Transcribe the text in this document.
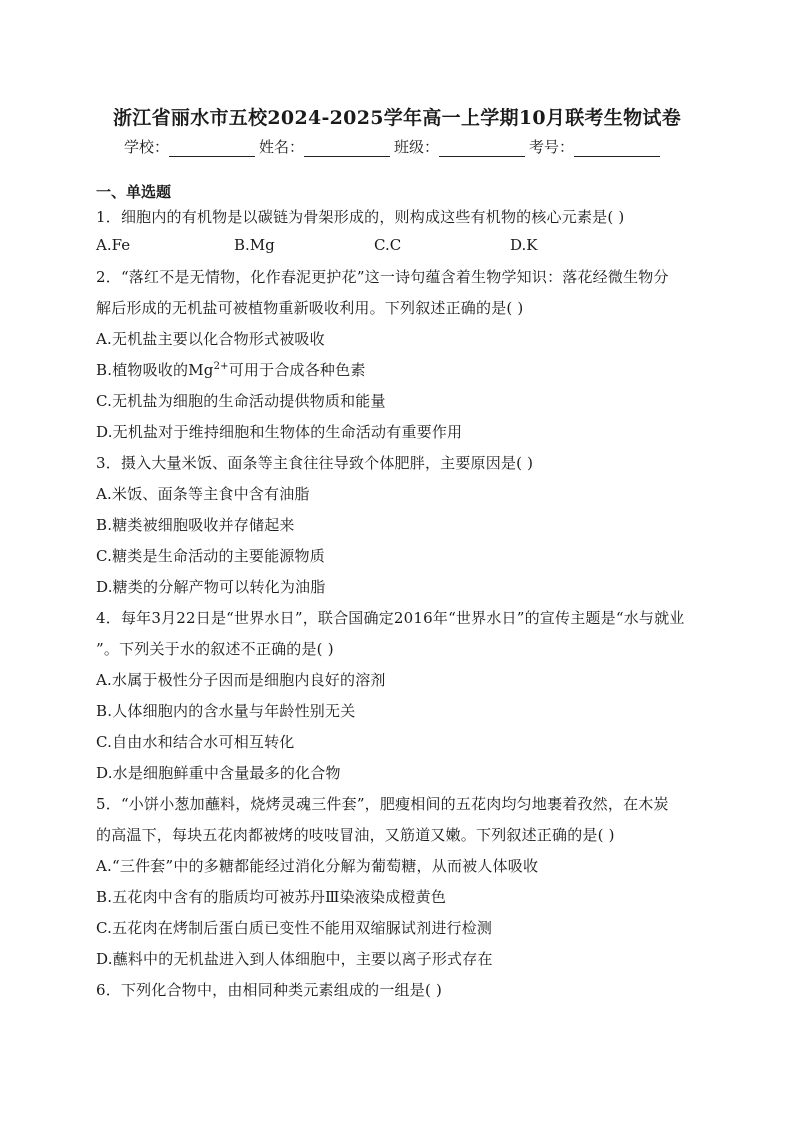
浙江省丽水市五校2024-2025学年高一上学期10月联考生物试卷
学校：	姓名：	班级：	考号：
一、单选题
1．细胞内的有机物是以碳链为骨架形成的，则构成这些有机物的核心元素是( )
A.Fe	B.Mg	C.C	D.K
2．“落红不是无情物，化作春泥更护花”这一诗句蕴含着生物学知识：落花经微生物分
解后形成的无机盐可被植物重新吸收利用。下列叙述正确的是( )
A.无机盐主要以化合物形式被吸收
B.植物吸收的$Mg^{2+}$可用于合成各种色素
C.无机盐为细胞的生命活动提供物质和能量
D.无机盐对于维持细胞和生物体的生命活动有重要作用
3．摄入大量米饭、面条等主食往往导致个体肥胖，主要原因是( )
A.米饭、面条等主食中含有油脂
B.糖类被细胞吸收并存储起来
C.糖类是生命活动的主要能源物质
D.糖类的分解产物可以转化为油脂
4．每年3月22日是“世界水日”，联合国确定2016年“世界水日”的宣传主题是“水与就业
”。下列关于水的叙述不正确的是( )
A.水属于极性分子因而是细胞内良好的溶剂
B.人体细胞内的含水量与年龄性别无关
C.自由水和结合水可相互转化
D.水是细胞鲜重中含量最多的化合物
5．“小饼小葱加蘸料，烧烤灵魂三件套”，肥瘦相间的五花肉均匀地裹着孜然，在木炭
的高温下，每块五花肉都被烤的吱吱冒油，又筋道又嫩。下列叙述正确的是( )
A.“三件套”中的多糖都能经过消化分解为葡萄糖，从而被人体吸收
B.五花肉中含有的脂质均可被苏丹Ⅲ染液染成橙黄色
C.五花肉在烤制后蛋白质已变性不能用双缩脲试剂进行检测
D.蘸料中的无机盐进入到人体细胞中，主要以离子形式存在
6．下列化合物中，由相同种类元素组成的一组是( )
